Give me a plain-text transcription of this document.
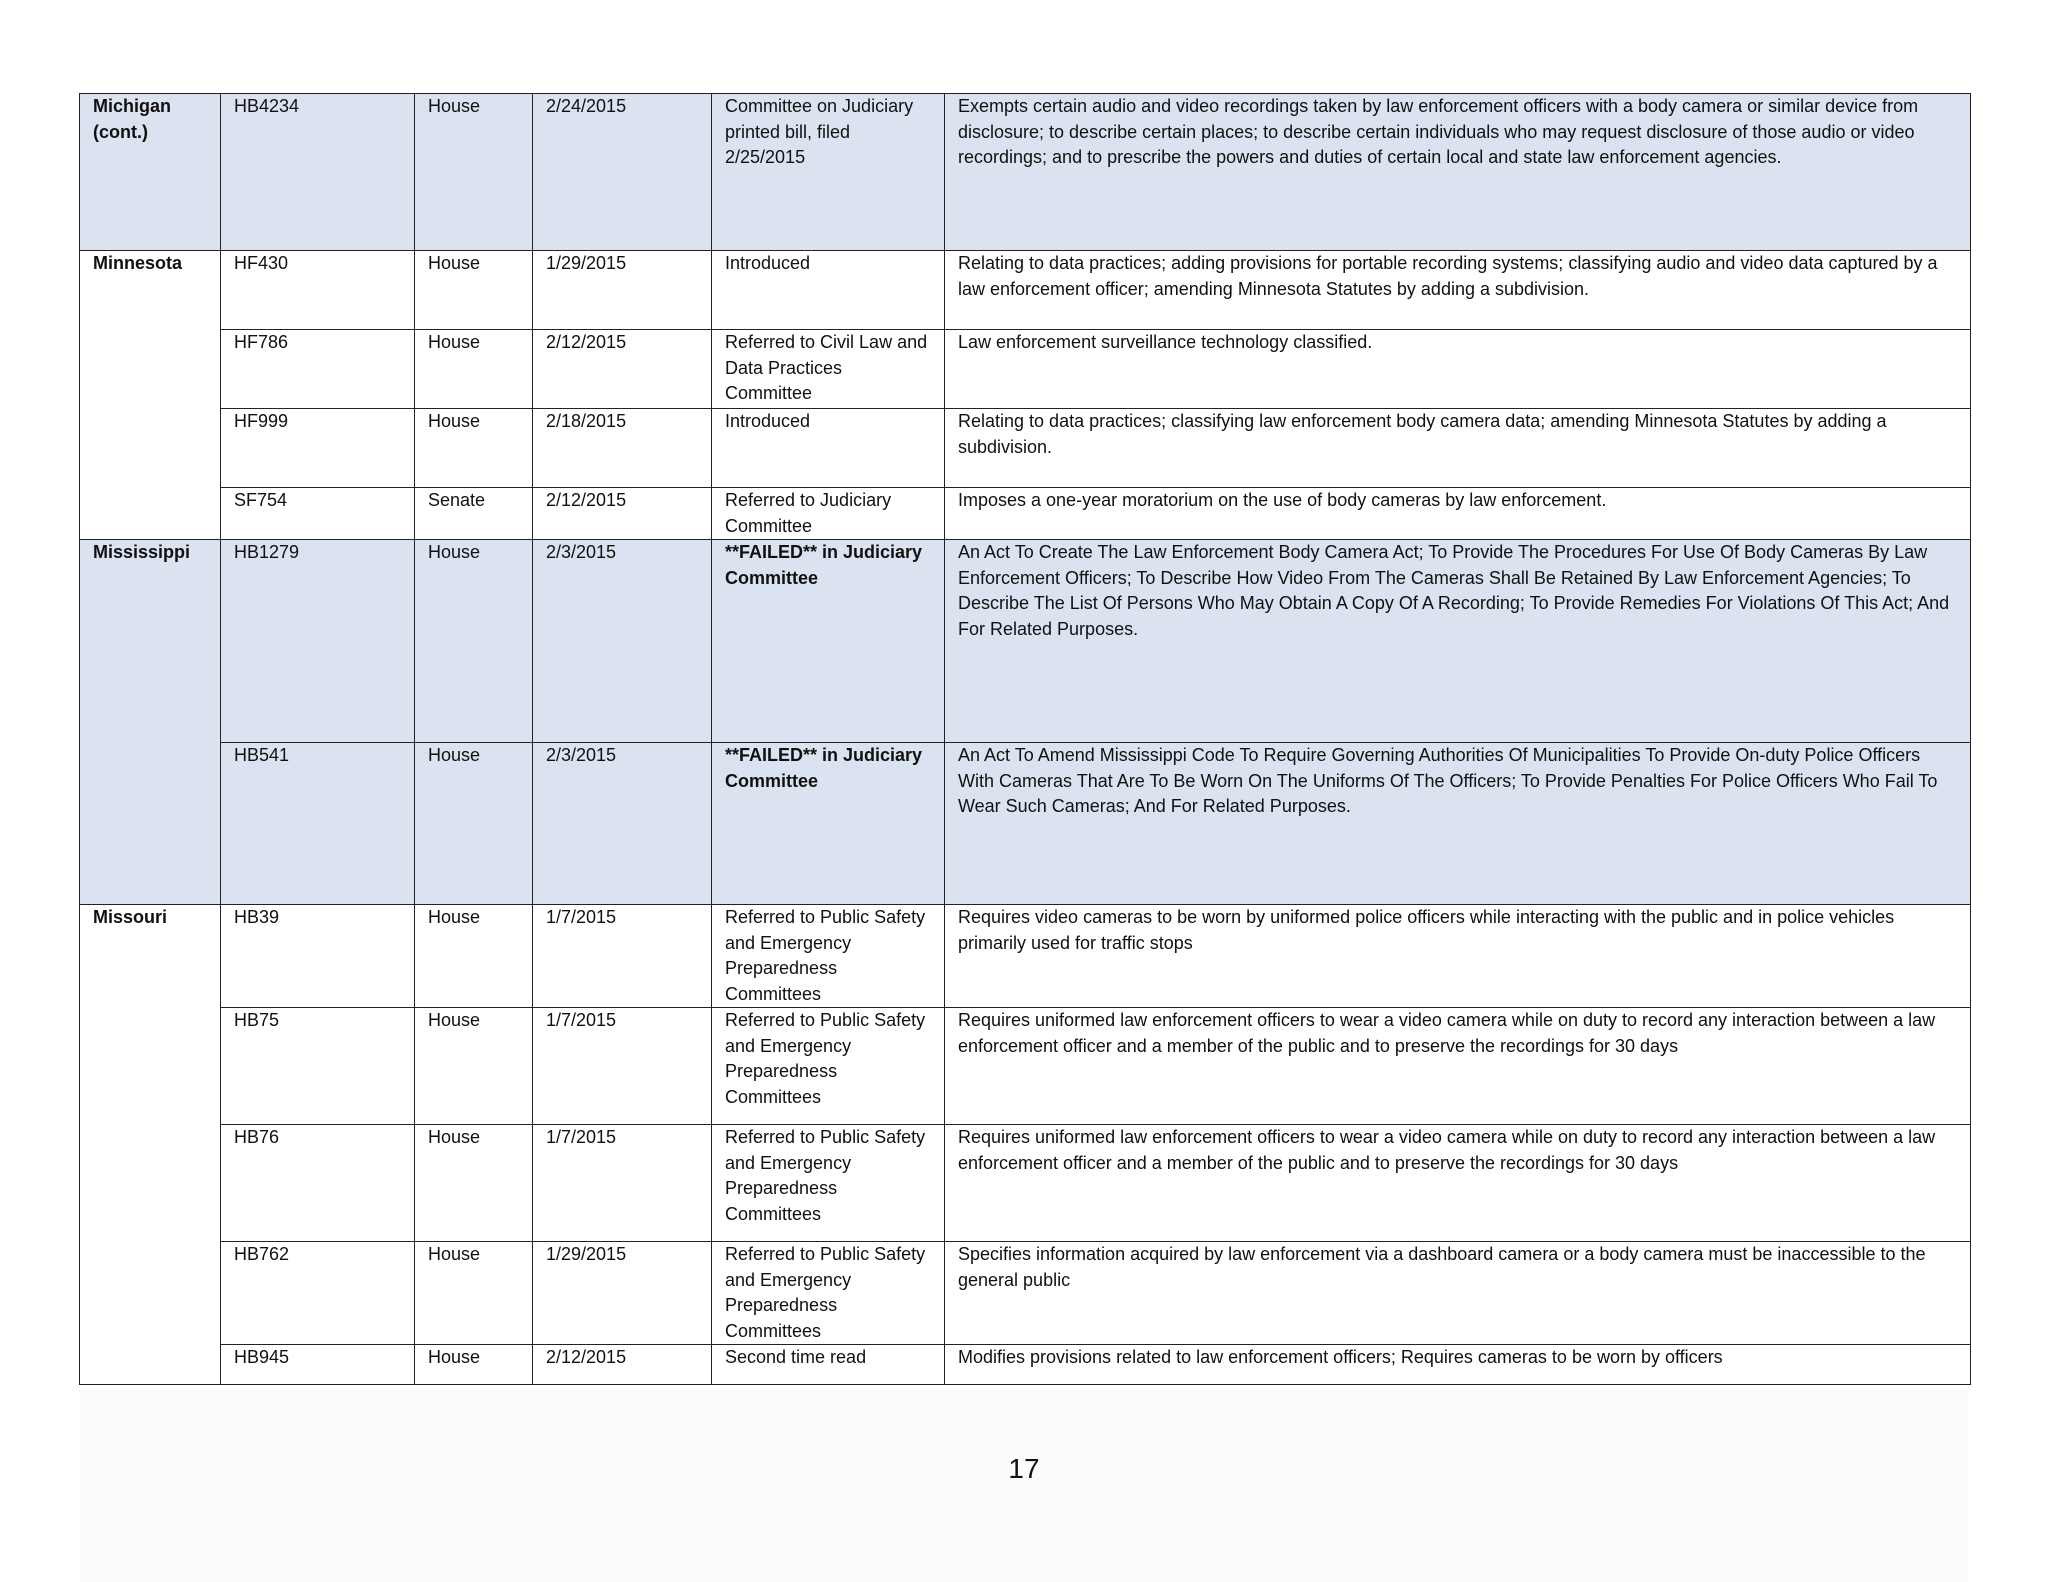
Michigan (cont.)	HB4234	House	2/24/2015	Committee on Judiciary printed bill, filed 2/25/2015	Exempts certain audio and video recordings taken by law enforcement officers with a body camera or similar device from disclosure; to describe certain places; to describe certain individuals who may request disclosure of those audio or video recordings; and to prescribe the powers and duties of certain local and state law enforcement agencies.
Minnesota	HF430	House	1/29/2015	Introduced	Relating to data practices; adding provisions for portable recording systems; classifying audio and video data captured by a law enforcement officer; amending Minnesota Statutes by adding a subdivision.
	HF786	House	2/12/2015	Referred to Civil Law and Data Practices Committee	Law enforcement surveillance technology classified.
	HF999	House	2/18/2015	Introduced	Relating to data practices; classifying law enforcement body camera data; amending Minnesota Statutes by adding a subdivision.
	SF754	Senate	2/12/2015	Referred to Judiciary Committee	Imposes a one-year moratorium on the use of body cameras by law enforcement.
Mississippi	HB1279	House	2/3/2015	**FAILED** in Judiciary Committee	An Act To Create The Law Enforcement Body Camera Act; To Provide The Procedures For Use Of Body Cameras By Law Enforcement Officers; To Describe How Video From The Cameras Shall Be Retained By Law Enforcement Agencies; To Describe The List Of Persons Who May Obtain A Copy Of A Recording; To Provide Remedies For Violations Of This Act; And For Related Purposes.
	HB541	House	2/3/2015	**FAILED** in Judiciary Committee	An Act To Amend Mississippi Code To Require Governing Authorities Of Municipalities To Provide On-duty Police Officers With Cameras That Are To Be Worn On The Uniforms Of The Officers; To Provide Penalties For Police Officers Who Fail To Wear Such Cameras; And For Related Purposes.
Missouri	HB39	House	1/7/2015	Referred to Public Safety and Emergency Preparedness Committees	Requires video cameras to be worn by uniformed police officers while interacting with the public and in police vehicles primarily used for traffic stops
	HB75	House	1/7/2015	Referred to Public Safety and Emergency Preparedness Committees	Requires uniformed law enforcement officers to wear a video camera while on duty to record any interaction between a law enforcement officer and a member of the public and to preserve the recordings for 30 days
	HB76	House	1/7/2015	Referred to Public Safety and Emergency Preparedness Committees	Requires uniformed law enforcement officers to wear a video camera while on duty to record any interaction between a law enforcement officer and a member of the public and to preserve the recordings for 30 days
	HB762	House	1/29/2015	Referred to Public Safety and Emergency Preparedness Committees	Specifies information acquired by law enforcement via a dashboard camera or a body camera must be inaccessible to the general public
	HB945	House	2/12/2015	Second time read	Modifies provisions related to law enforcement officers; Requires cameras to be worn by officers
17
